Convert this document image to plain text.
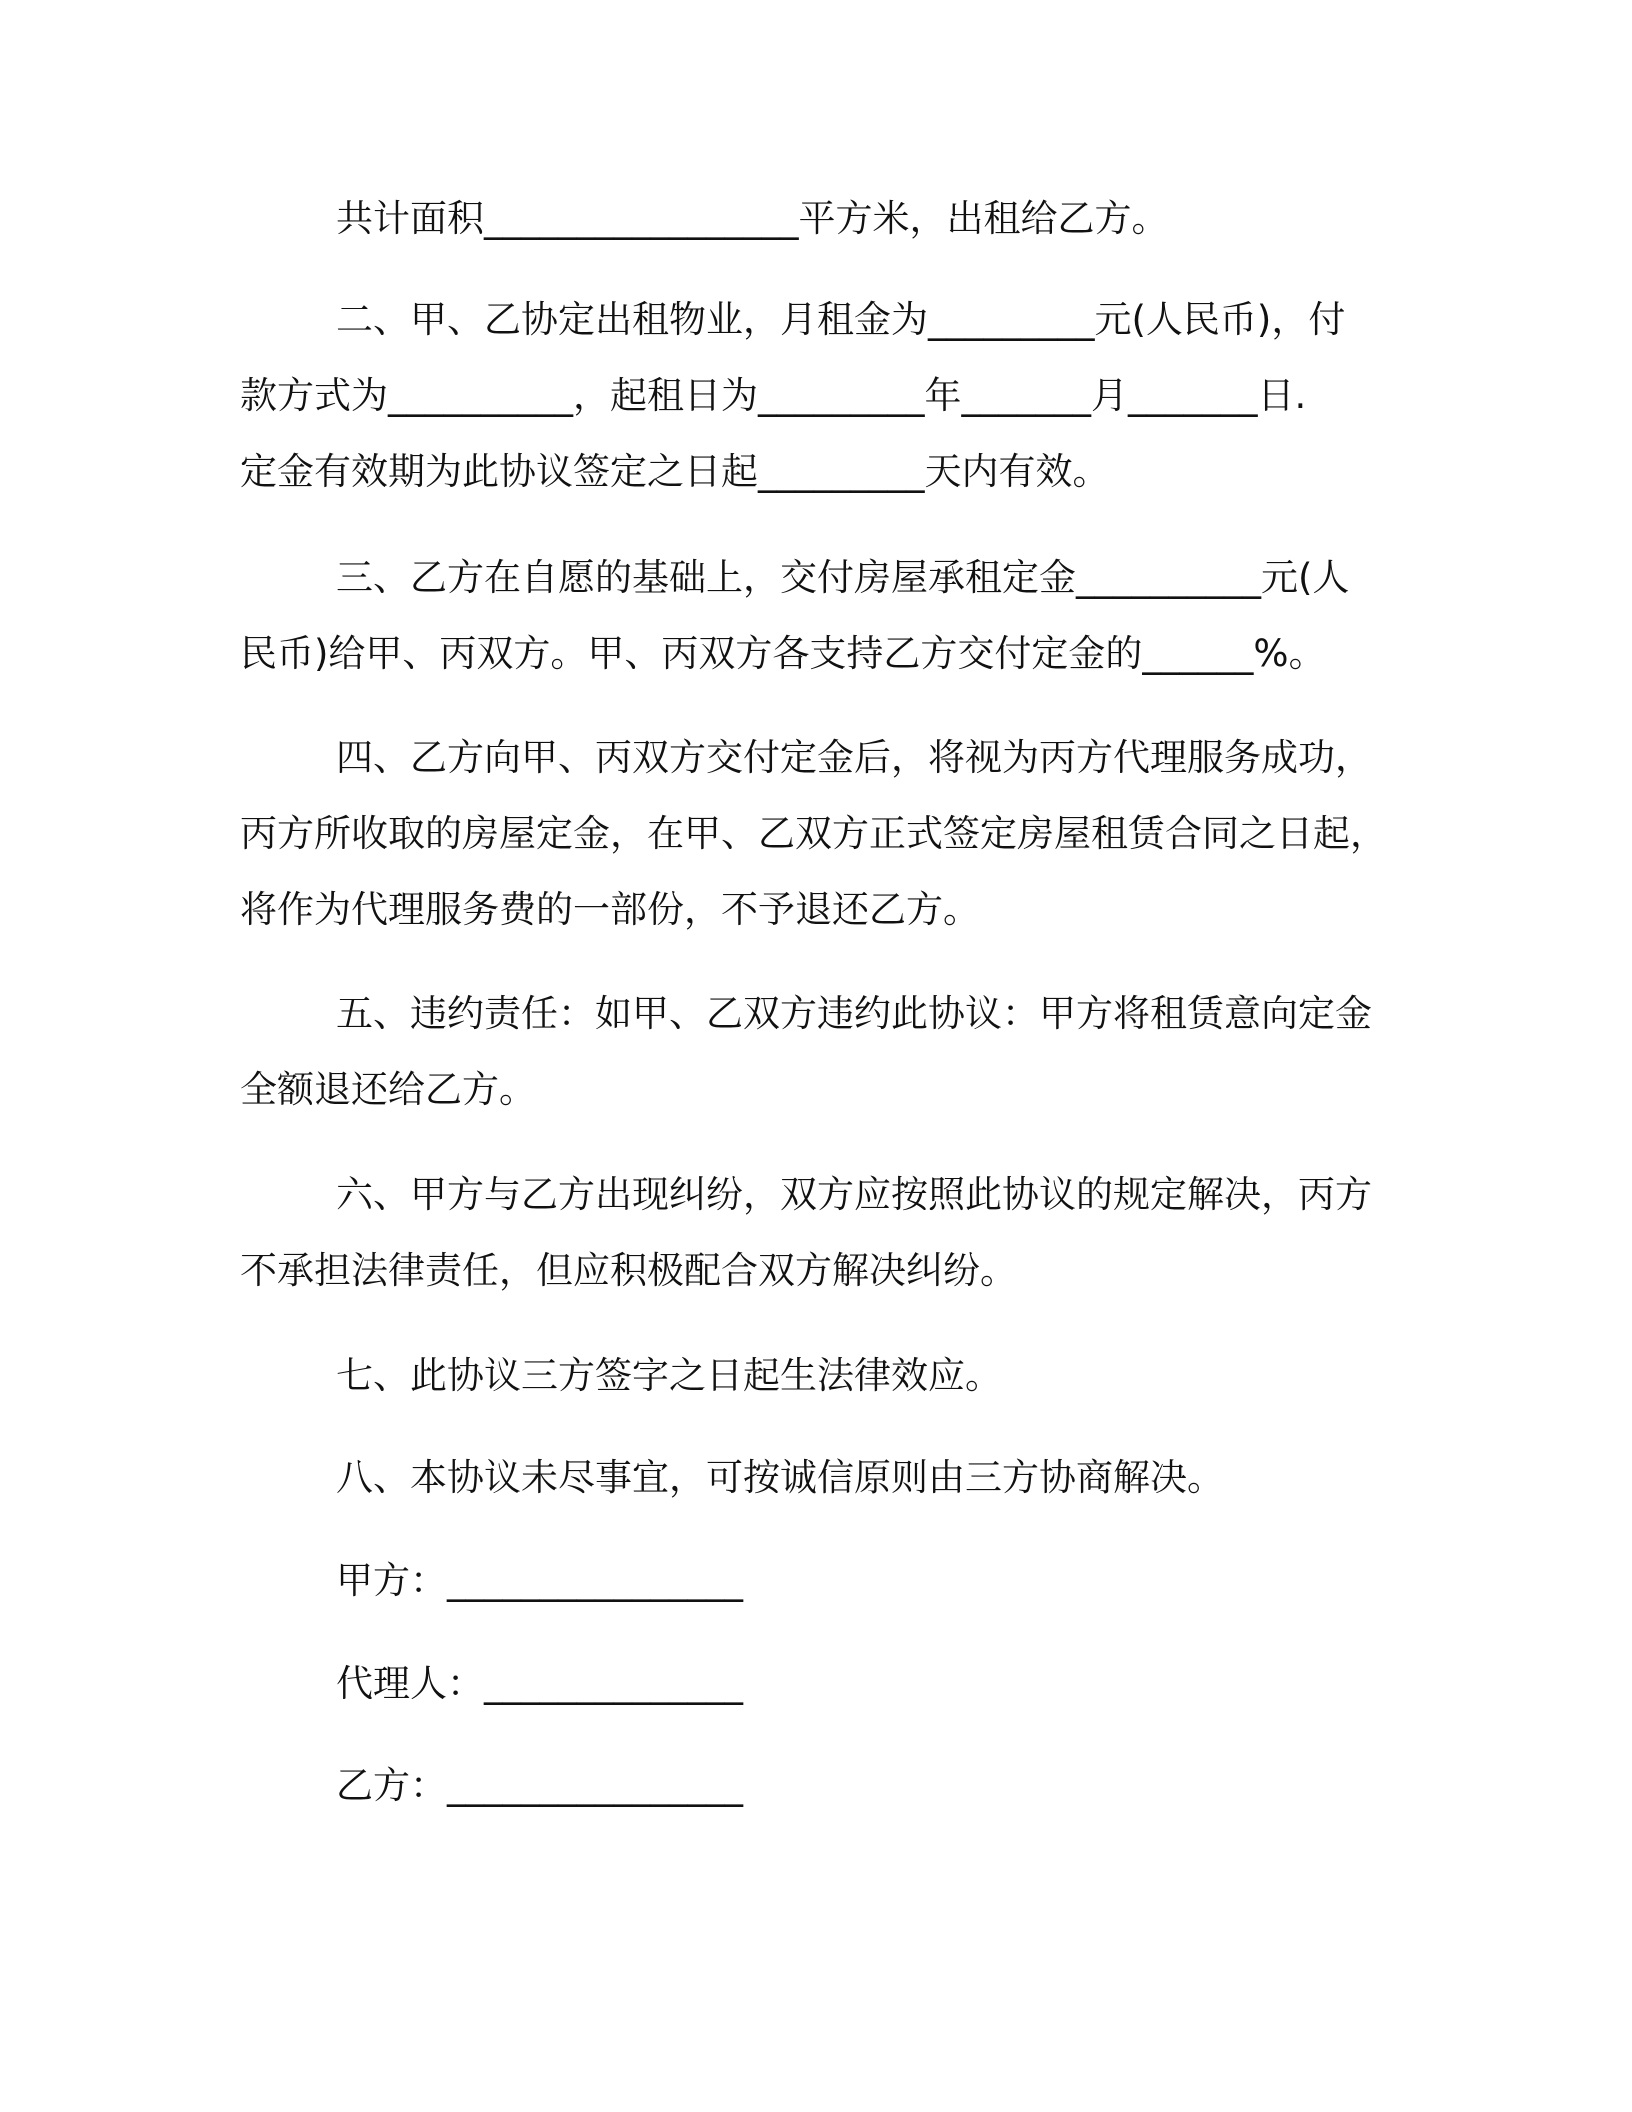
共计面积_________________平方米，出租给乙方。
二、甲、乙协定出租物业，月租金为_________元(人民币)，付
款方式为__________，起租日为_________年_______月_______日.
定金有效期为此协议签定之日起_________天内有效。
三、乙方在自愿的基础上，交付房屋承租定金__________元(人
民币)给甲、丙双方。甲、丙双方各支持乙方交付定金的______%。
四、乙方向甲、丙双方交付定金后，将视为丙方代理服务成功，
丙方所收取的房屋定金，在甲、乙双方正式签定房屋租赁合同之日起，
将作为代理服务费的一部份，不予退还乙方。
五、违约责任：如甲、乙双方违约此协议：甲方将租赁意向定金
全额退还给乙方。
六、甲方与乙方出现纠纷，双方应按照此协议的规定解决，丙方
不承担法律责任，但应积极配合双方解决纠纷。
七、此协议三方签字之日起生法律效应。
八、本协议未尽事宜，可按诚信原则由三方协商解决。
甲方：________________
代理人：______________
乙方：________________
